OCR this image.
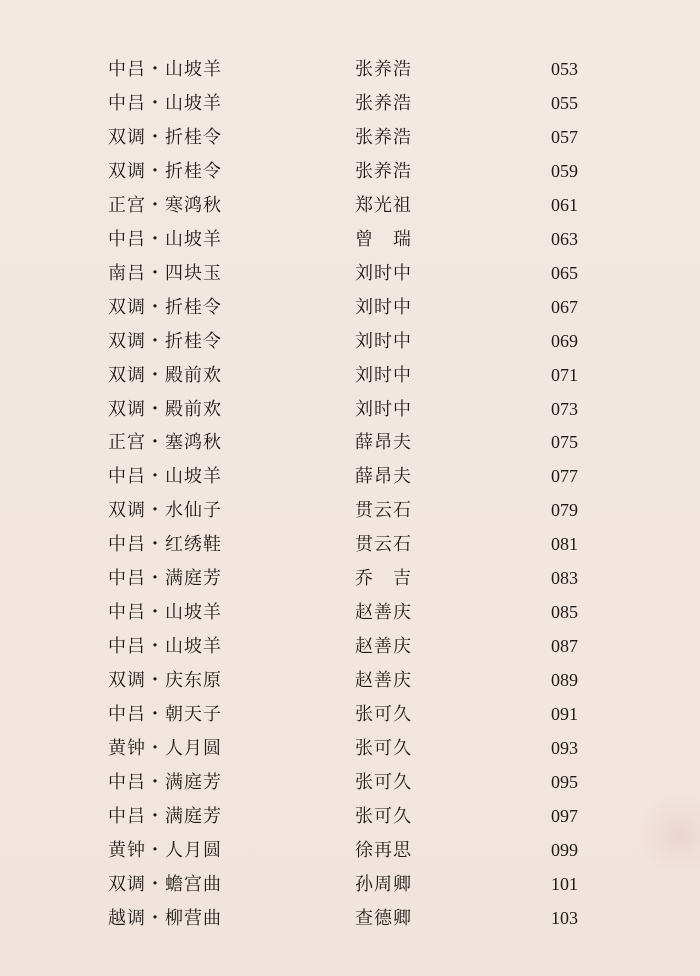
中吕・山坡羊	张养浩	053
中吕・山坡羊	张养浩	055
双调・折桂令	张养浩	057
双调・折桂令	张养浩	059
正宫・寒鸿秋	郑光祖	061
中吕・山坡羊	曾　瑞	063
南吕・四块玉	刘时中	065
双调・折桂令	刘时中	067
双调・折桂令	刘时中	069
双调・殿前欢	刘时中	071
双调・殿前欢	刘时中	073
正宫・塞鸿秋	薛昂夫	075
中吕・山坡羊	薛昂夫	077
双调・水仙子	贯云石	079
中吕・红绣鞋	贯云石	081
中吕・满庭芳	乔　吉	083
中吕・山坡羊	赵善庆	085
中吕・山坡羊	赵善庆	087
双调・庆东原	赵善庆	089
中吕・朝天子	张可久	091
黄钟・人月圆	张可久	093
中吕・满庭芳	张可久	095
中吕・满庭芳	张可久	097
黄钟・人月圆	徐再思	099
双调・蟾宫曲	孙周卿	101
越调・柳营曲	查德卿	103
